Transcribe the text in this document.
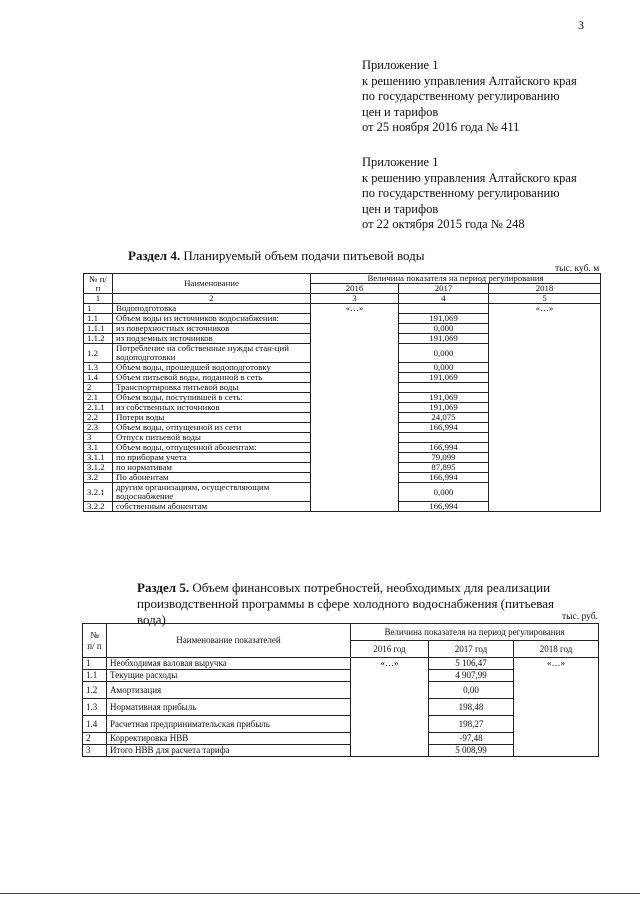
3
Приложение 1
к решению управления Алтайского края
по государственному регулированию
цен и тарифов
от 25 ноября 2016 года № 411
Приложение 1
к решению управления Алтайского края
по государственному регулированию
цен и тарифов
от 22 октября 2015 года № 248
Раздел 4. Планируемый объем подачи питьевой воды
тыс. куб. м
№ п/п	Наименование	Величина показателя на период регулирования		
		2016	2017	2018
1	2	3	4	5
1	Водоподготовка	«…»		«…»
1.1	Объем воды из источников водоснабжения:		191,069	
1.1.1	из поверхностных источников		0,000	
1.1.2	из подземных источников		191,069	
1.2	Потребление на собственные нужды стан-ций водоподготовки		0,000	
1.3	Объем воды, прошедшей водоподготовку		0,000	
1.4	Объем питьевой воды, поданной в сеть		191,069	
2	Транспортировка питьевой воды			
2.1	Объем воды, поступившей в сеть:		191,069	
2.1.1	из собственных источников		191,069	
2.2	Потери воды		24,075	
2.3	Объем воды, отпущенной из сети		166,994	
3	Отпуск питьевой воды			
3.1	Объем воды, отпущенной абонентам:		166,994	
3.1.1	по приборам учета		79,099	
3.1.2	по нормативам		87,895	
3.2	По абонентам		166,994	
3.2.1	другим организациям, осуществляющим водоснабжение		0,000	
3.2.2	собственным абонентам		166,994	
Раздел 5. Объем финансовых потребностей, необходимых для реализации производственной программы в сфере холодного водоснабжения (питьевая вода)	тыс. руб.
№ п/ п	Наименование показателей	Величина показателя на период регулирования		
		2016 год	2017 год	2018 год
1	Необходимая валовая выручка	«…»	5 106,47	«…»
1.1	Текущие расходы		4 907,99	
1.2	Амортизация		0,00	
1.3	Нормативная прибыль		198,48	
1.4	Расчетная предпринимательская прибыль		198,27	
2	Корректировка НВВ		-97,48	
3	Итого НВВ для расчета тарифа		5 008,99	
